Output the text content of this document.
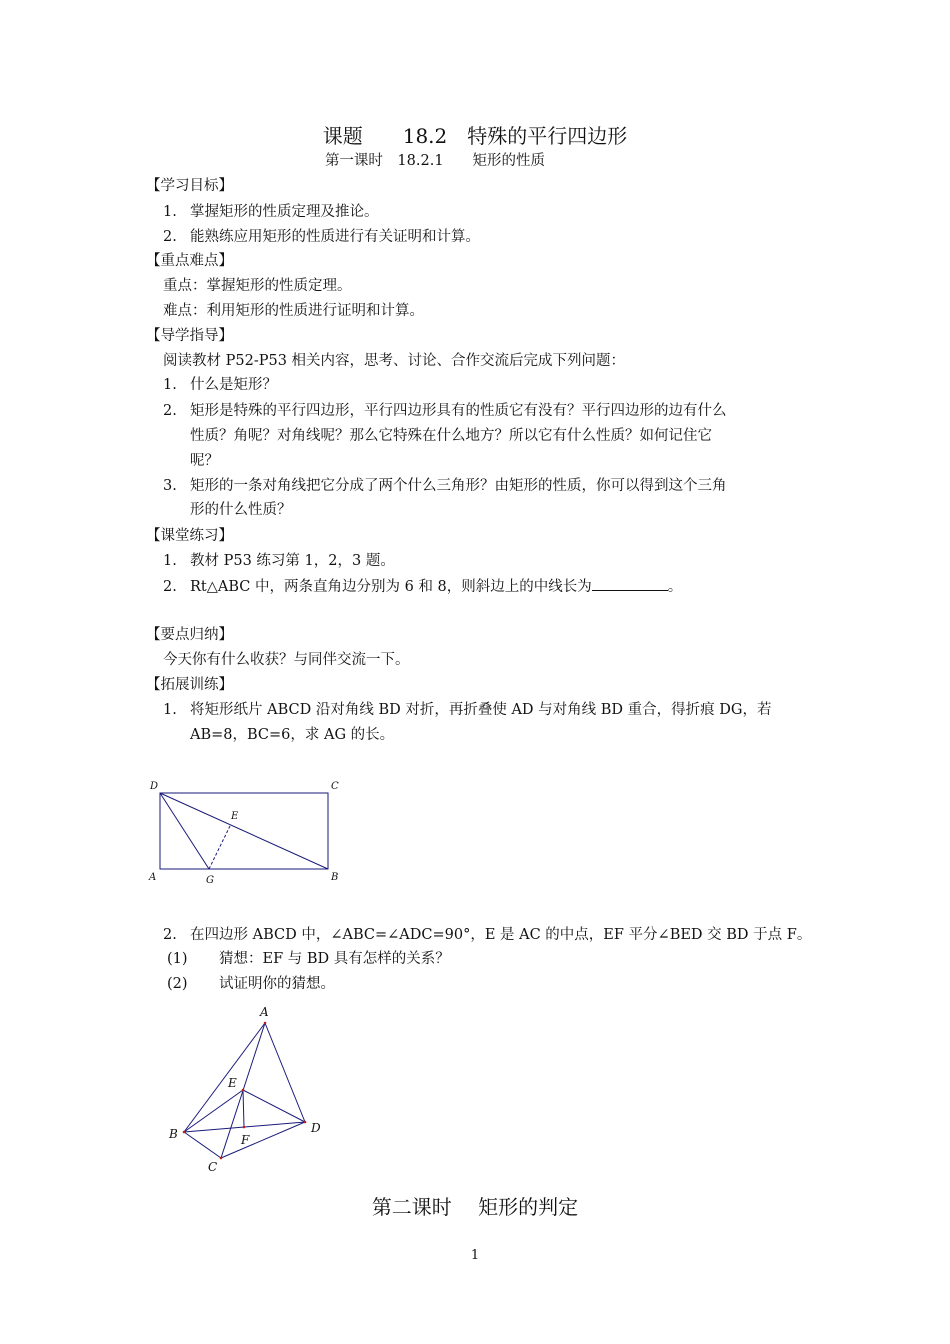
课题　　18.2　特殊的平行四边形
第一课时　18.2.1　　矩形的性质
【学习目标】
1. 掌握矩形的性质定理及推论。
2. 能熟练应用矩形的性质进行有关证明和计算。
【重点难点】
重点：掌握矩形的性质定理。
难点：利用矩形的性质进行证明和计算。
【导学指导】
阅读教材 P52-P53 相关内容，思考、讨论、合作交流后完成下列问题：
1. 什么是矩形？
2. 矩形是特殊的平行四边形，平行四边形具有的性质它有没有？平行四边形的边有什么
性质？角呢？对角线呢？那么它特殊在什么地方？所以它有什么性质？如何记住它
呢？
3. 矩形的一条对角线把它分成了两个什么三角形？由矩形的性质，你可以得到这个三角
形的什么性质？
【课堂练习】
1. 教材 P53 练习第 1，2，3 题。
2. Rt△ABC 中，两条直角边分别为 6 和 8，则斜边上的中线长为	。
【要点归纳】
今天你有什么收获？与同伴交流一下。
【拓展训练】
1. 将矩形纸片 ABCD 沿对角线 BD 对折，再折叠使 AD 与对角线 BD 重合，得折痕 DG，若
AB=8，BC=6，求 AG 的长。
D	C
E
A	G	B
2. 在四边形 ABCD 中，∠ABC=∠ADC=90°，E 是 AC 的中点，EF 平分∠BED 交 BD 于点 F。
(1) 猜想：EF 与 BD 具有怎样的关系？
(2) 试证明你的猜想。
A
E
B	D
F
C
第二课时　 矩形的判定
1
